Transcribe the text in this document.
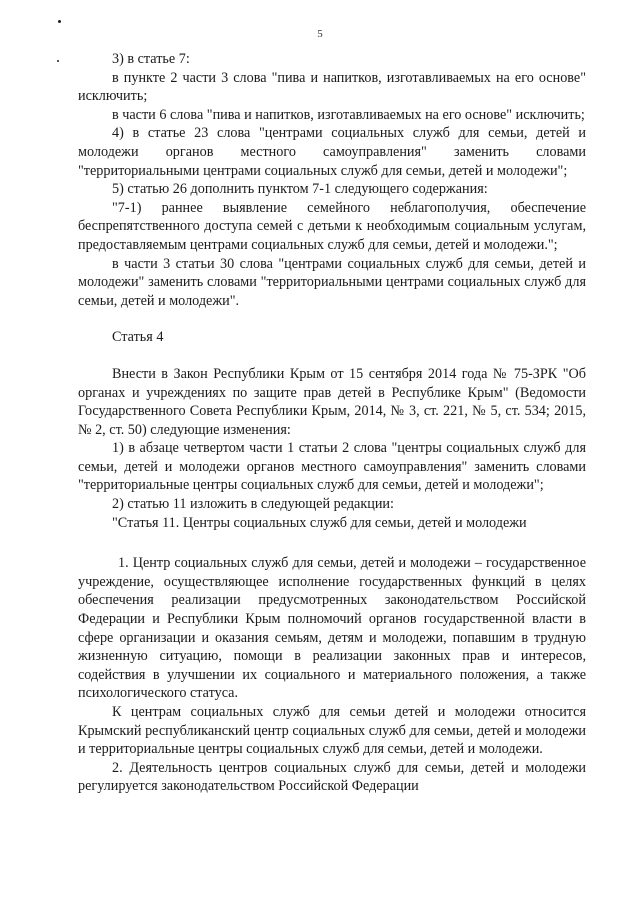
5

3) в статье 7:

в пункте 2 части 3 слова "пива и напитков, изготавливаемых на его основе" исключить;

в части 6 слова "пива и напитков, изготавливаемых на его основе" исключить;

4) в статье 23 слова "центрами социальных служб для семьи, детей и молодежи органов местного самоуправления" заменить словами "территориальными центрами социальных служб для семьи, детей и молодежи";

5) статью 26 дополнить пунктом 7-1 следующего содержания:

"7-1) раннее выявление семейного неблагополучия, обеспечение беспрепятственного доступа семей с детьми к необходимым социальным услугам, предоставляемым центрами социальных служб для семьи, детей и молодежи.";

в части 3 статьи 30 слова "центрами социальных служб для семьи, детей и молодежи" заменить словами "территориальными центрами социальных служб для семьи, детей и молодежи".

Статья 4

Внести в Закон Республики Крым от 15 сентября 2014 года № 75-ЗРК "Об органах и учреждениях по защите прав детей в Республике Крым" (Ведомости Государственного Совета Республики Крым, 2014, № 3, ст. 221, № 5, ст. 534; 2015, № 2, ст. 50) следующие изменения:

1) в абзаце четвертом части 1 статьи 2 слова "центры социальных служб для семьи, детей и молодежи органов местного самоуправления" заменить словами "территориальные центры социальных служб для семьи, детей и молодежи";

2) статью 11 изложить в следующей редакции:

"Статья 11. Центры социальных служб для семьи, детей и молодежи

1. Центр социальных служб для семьи, детей и молодежи – государственное учреждение, осуществляющее исполнение государственных функций в целях обеспечения реализации предусмотренных законодательством Российской Федерации и Республики Крым полномочий органов государственной власти в сфере организации и оказания семьям, детям и молодежи, попавшим в трудную жизненную ситуацию, помощи в реализации законных прав и интересов, содействия в улучшении их социального и материального положения, а также психологического статуса.

К центрам социальных служб для семьи детей и молодежи относится Крымский республиканский центр социальных служб для семьи, детей и молодежи и территориальные центры социальных служб для семьи, детей и молодежи.

2. Деятельность центров социальных служб для семьи, детей и молодежи регулируется законодательством Российской Федерации
